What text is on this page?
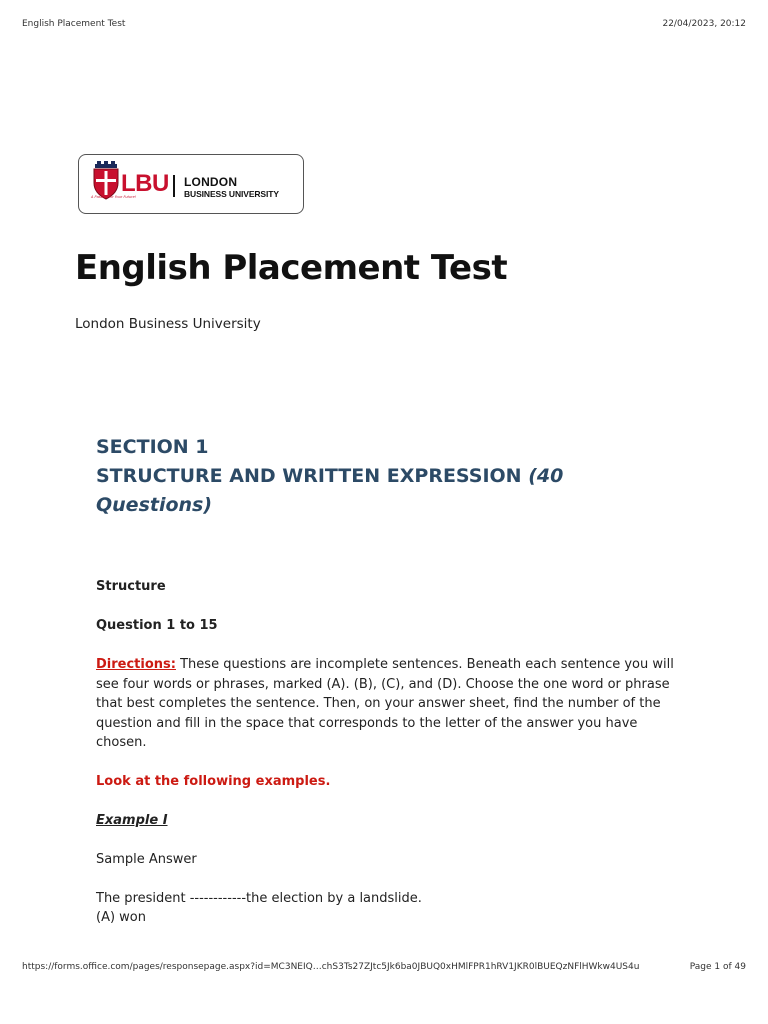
English Placement Test	22/04/2023, 20:12
LBU
A Passion for Your Future!
LONDON
BUSINESS UNIVERSITY
English Placement Test
London Business University
SECTION 1
STRUCTURE AND WRITTEN EXPRESSION (40 Questions)
Structure
Question 1 to 15
Directions: These questions are incomplete sentences. Beneath each sentence you will see four words or phrases, marked (A). (B), (C), and (D). Choose the one word or phrase that best completes the sentence. Then, on your answer sheet, find the number of the question and fill in the space that corresponds to the letter of the answer you have chosen.
Look at the following examples.
Example I
Sample Answer
The president ------------the election by a landslide.
(A) won
https://forms.office.com/pages/responsepage.aspx?id=MC3NEIQ…chS3Ts27ZJtc5Jk6ba0JBUQ0xHMlFPR1hRV1JKR0lBUEQzNFlHWkw4US4u	Page 1 of 49
